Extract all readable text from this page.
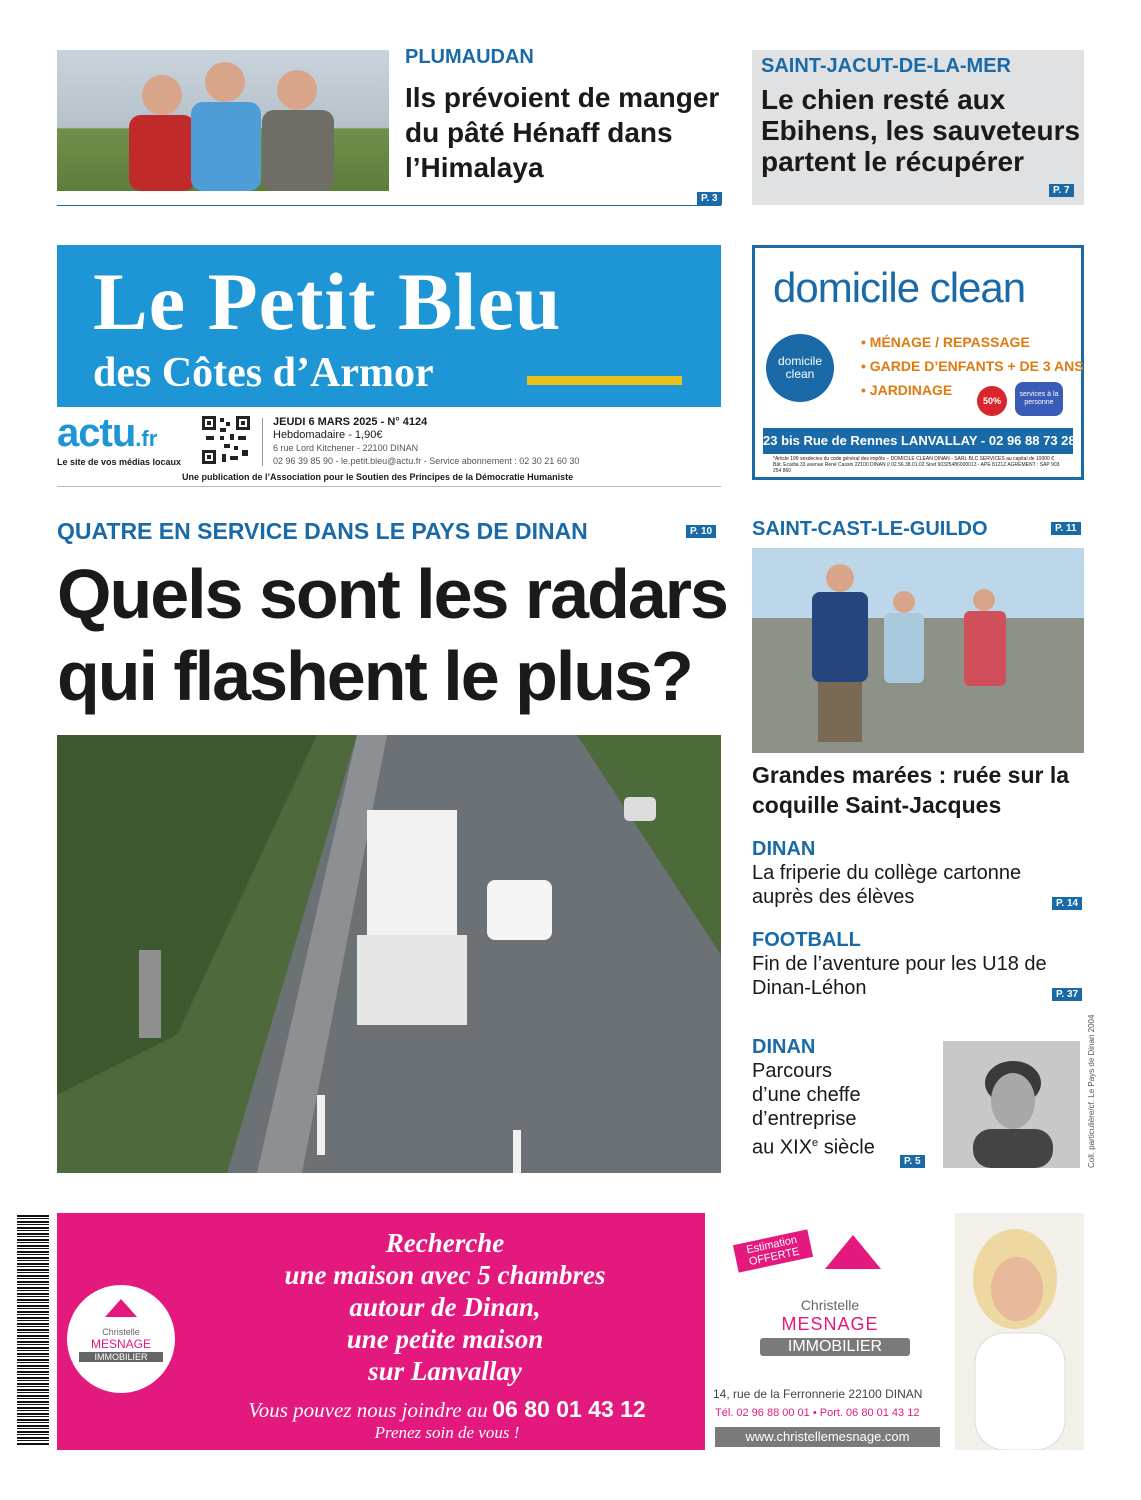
PLUMAUDAN
Ils prévoient de manger du pâté Hénaff dans l’Himalaya
P. 3
SAINT-JACUT-DE-LA-MER
Le chien resté aux Ebihens, les sauveteurs partent le récupérer
P. 7
Le Petit Bleu
des Côtes d’Armor
actu.fr
Le site de vos médias locaux
JEUDI 6 MARS 2025 - N° 4124
Hebdomadaire - 1,90€
6 rue Lord Kitchener - 22100 DINAN
02 96 39 85 90 - le.petit.bleu@actu.fr - Service abonnement : 02 30 21 60 30
Une publication de l’Association pour le Soutien des Principes de la Démocratie Humaniste
domicile clean
domicile clean
• MÉNAGE / REPASSAGE
• GARDE D’ENFANTS + DE 3 ANS
• JARDINAGE
50%
services à la personne
23 bis Rue de Rennes LANVALLAY - 02 96 88 73 28
*Article 199 sexdecies du code général des impôts – DOMICILE CLEAN DINAN - SARL BLC SERVICES au capital de 10000 € Bât. Ecadia 33 avenue René Cassin 22100 DINAN // 02.56.38.01.02 Siret 90325486000013 - APE 8121Z AGRÉMENT : SAP 903 254 860
QUATRE EN SERVICE DANS LE PAYS DE DINAN	P. 10
Quels sont les radars
qui flashent le plus?
SAINT-CAST-LE-GUILDO	P. 11
Grandes marées : ruée sur la coquille Saint-Jacques
DINAN
La friperie du collège cartonne auprès des élèves	P. 14
FOOTBALL
Fin de l’aventure pour les U18 de Dinan-Léhon	P. 37
DINAN
Parcours
d’une cheffe
d’entreprise
au XIXe siècle
P. 5	Coll. particulière/cf. Le Pays de Dinan 2004
Christelle
MESNAGE
IMMOBILIER
Recherche
une maison avec 5 chambres
autour de Dinan,
une petite maison
sur Lanvallay
Vous pouvez nous joindre au 06 80 01 43 12
Prenez soin de vous !
Estimation OFFERTE
Christelle
MESNAGE
IMMOBILIER
14, rue de la Ferronnerie 22100 DINAN
Tél. 02 96 88 00 01 • Port. 06 80 01 43 12
www.christellemesnage.com
